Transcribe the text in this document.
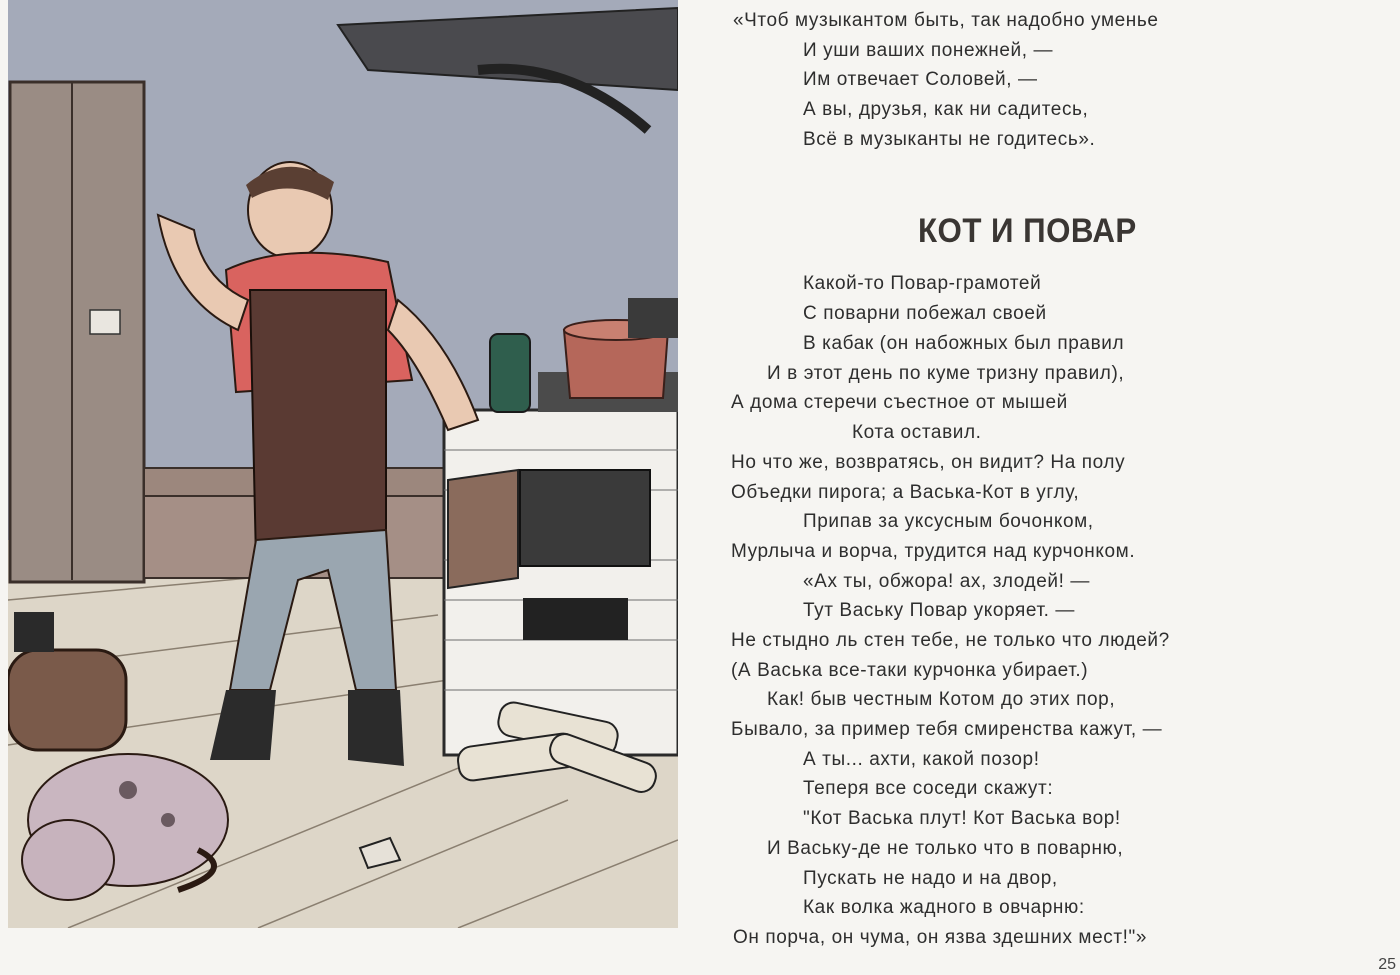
«Чтоб музыкантом быть, так надобно уменье
И уши ваших понежней, —
Им отвечает Соловей, —
А вы, друзья, как ни садитесь,
Всё в музыканты не годитесь».
КОТ И ПОВАР
Какой-то Повар-грамотей
С поварни побежал своей
В кабак (он набожных был правил
И в этот день по куме тризну правил),
А дома стеречи съестное от мышей
Кота оставил.
Но что же, возвратясь, он видит? На полу
Объедки пирога; а Васька-Кот в углу,
Припав за уксусным бочонком,
Мурлыча и ворча, трудится над курчонком.
«Ах ты, обжора! ах, злодей! —
Тут Ваську Повар укоряет. —
Не стыдно ль стен тебе, не только что людей?
(А Васька все-таки курчонка убирает.)
Как! быв честным Котом до этих пор,
Бывало, за пример тебя смиренства кажут, —
А ты... ахти, какой позор!
Теперя все соседи скажут:
"Кот Васька плут! Кот Васька вор!
И Ваську-де не только что в поварню,
Пускать не надо и на двор,
Как волка жадного в овчарню:
Он порча, он чума, он язва здешних мест!"»
25
